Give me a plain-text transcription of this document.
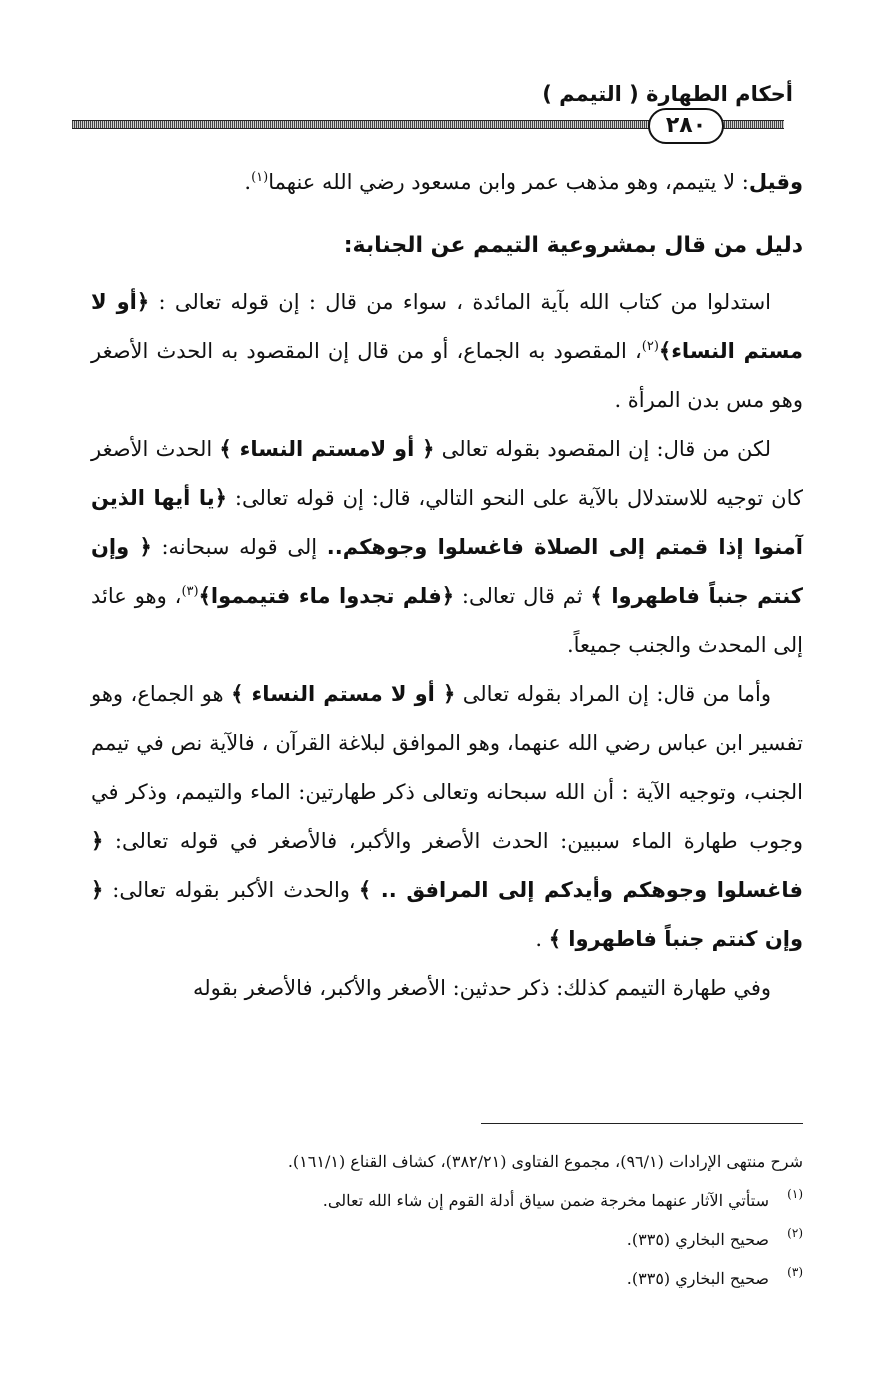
أحكام الطهارة ( التيمم )
٢٨٠

وقيل: لا يتيمم، وهو مذهب عمر وابن مسعود رضي الله عنهما$^{(١)}$.

دليل من قال بمشروعية التيمم عن الجنابة:

استدلوا من كتاب الله بآية المائدة ، سواء من قال : إن قوله تعالى : ﴿أو لا مستم النساء﴾$^{(٢)}$، المقصود به الجماع، أو من قال إن المقصود به الحدث الأصغر وهو مس بدن المرأة .

لكن من قال: إن المقصود بقوله تعالى ﴿ أو لامستم النساء ﴾ الحدث الأصغر كان توجيه للاستدلال بالآية على النحو التالي، قال: إن قوله تعالى: ﴿يا أيها الذين آمنوا إذا قمتم إلى الصلاة فاغسلوا وجوهكم.. إلى قوله سبحانه: ﴿ وإن كنتم جنباً فاطهروا ﴾ ثم قال تعالى: ﴿فلم تجدوا ماء فتيمموا﴾$^{(٣)}$، وهو عائد إلى المحدث والجنب جميعاً.

وأما من قال: إن المراد بقوله تعالى ﴿ أو لا مستم النساء ﴾ هو الجماع، وهو تفسير ابن عباس رضي الله عنهما، وهو الموافق لبلاغة القرآن ، فالآية نص في تيمم الجنب، وتوجيه الآية : أن الله سبحانه وتعالى ذكر طهارتين: الماء والتيمم، وذكر في وجوب طهارة الماء سببين: الحدث الأصغر والأكبر، فالأصغر في قوله تعالى: ﴿ فاغسلوا وجوهكم وأيدكم إلى المرافق .. ﴾ والحدث الأكبر بقوله تعالى: ﴿ وإن كنتم جنباً فاطهروا ﴾ .

وفي طهارة التيمم كذلك: ذكر حدثين: الأصغر والأكبر، فالأصغر بقوله

شرح منتهى الإرادات (٩٦/١)، مجموع الفتاوى (٣٨٢/٢١)، كشاف القناع (١٦١/١).

(١)
ستأتي الآثار عنهما مخرجة ضمن سياق أدلة القوم إن شاء الله تعالى.

(٢)
صحيح البخاري (٣٣٥).

(٣)
صحيح البخاري (٣٣٥).
